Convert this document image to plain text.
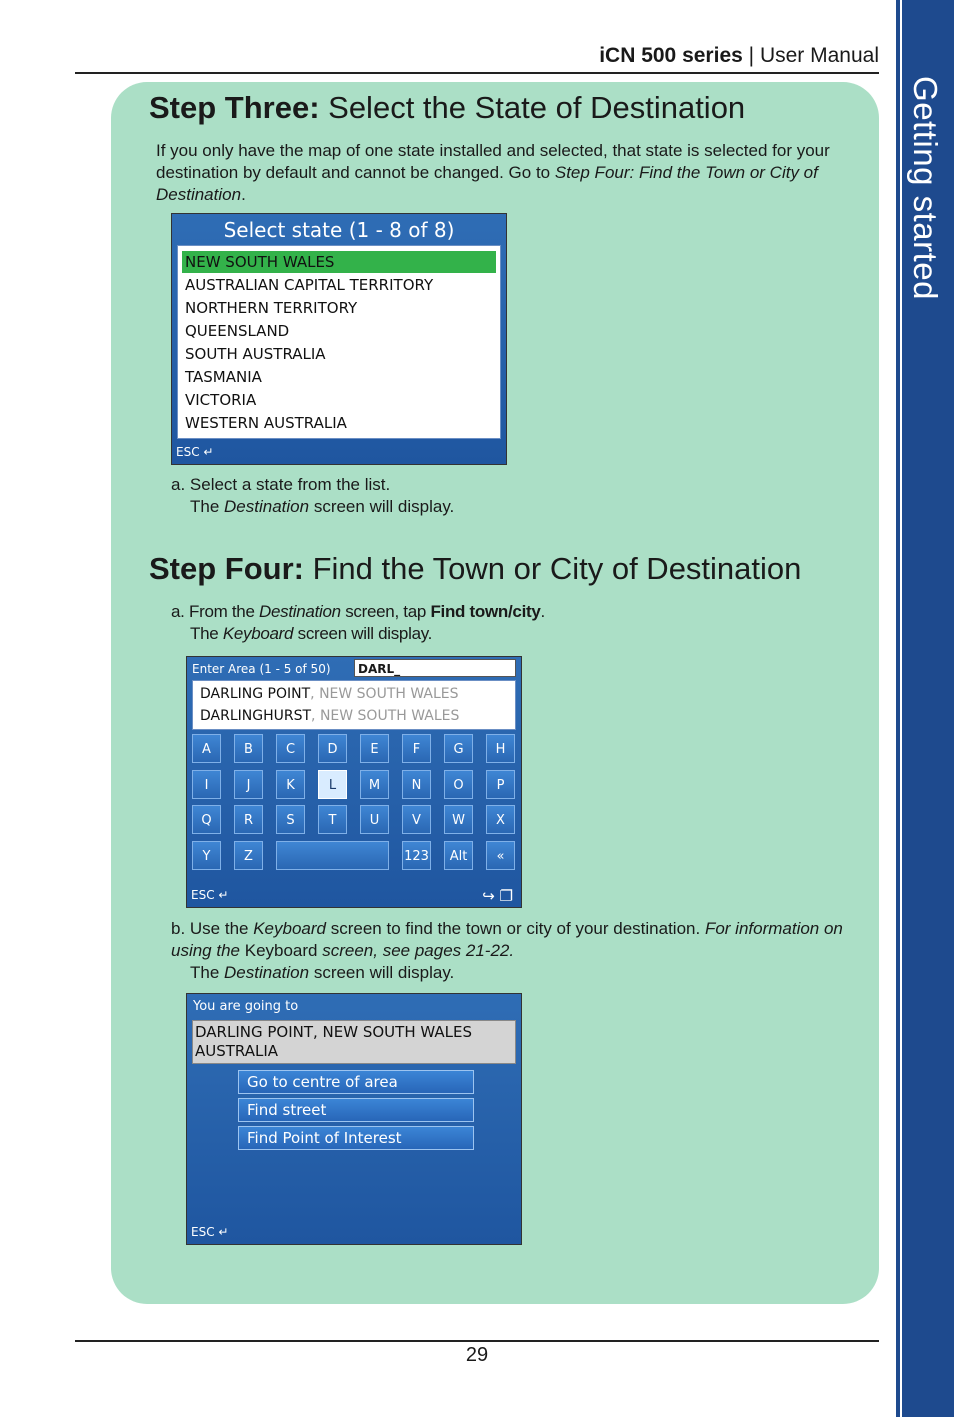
iCN 500 series | User Manual
Getting started
Step Three: Select the State of Destination
If you only have the map of one state installed and selected, that state is selected for your destination by default and cannot be changed. Go to Step Four: Find the Town or City of Destination.
Select state (1 - 8 of 8)
NEW SOUTH WALES
AUSTRALIAN CAPITAL TERRITORY
NORTHERN TERRITORY
QUEENSLAND
SOUTH AUSTRALIA
TASMANIA
VICTORIA
WESTERN AUSTRALIA
ESC ↵
a. Select a state from the list.
The Destination screen will display.
Step Four: Find the Town or City of Destination
a. From the Destination screen, tap Find town/city.
The Keyboard screen will display.
Enter Area (1 - 5 of 50)	DARL_
DARLING POINT, NEW SOUTH WALES
DARLINGHURST, NEW SOUTH WALES
A	B	C	D	E	F	G	H
I	J	K	L	M	N	O	P
Q	R	S	T	U	V	W	X
Y	Z	123	Alt	«
ESC ↵	↪ ❐
b. Use the Keyboard screen to find the town or city of your destination. For information on using the Keyboard screen, see pages 21-22.
The Destination screen will display.
You are going to
DARLING POINT, NEW SOUTH WALES
AUSTRALIA
Go to centre of area
Find street
Find Point of Interest
ESC ↵
29
